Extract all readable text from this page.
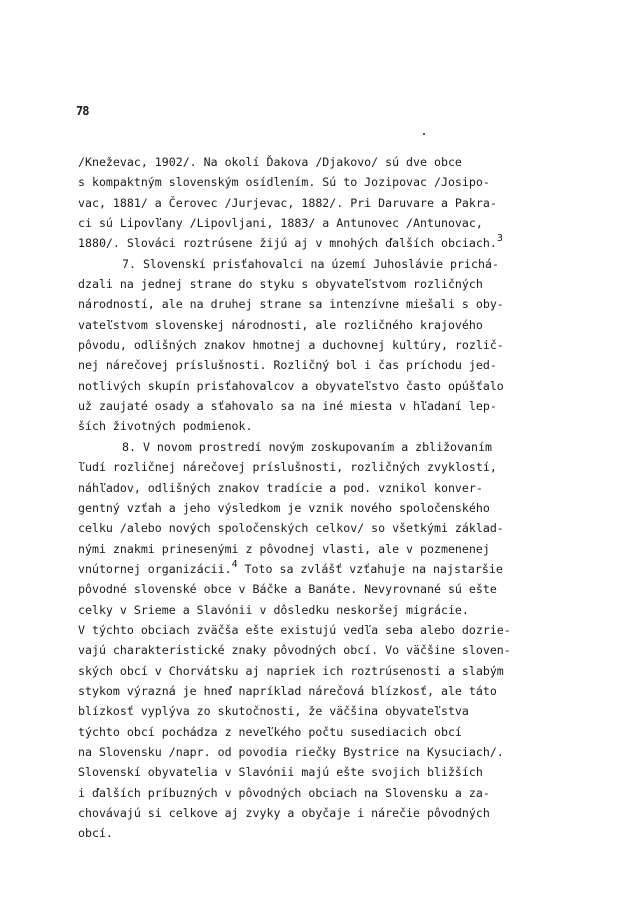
78
/Kneževac, 1902/. Na okolí Ďakova /Djakovo/ sú dve obce
s kompaktným slovenským osídlením. Sú to Jozipovac /Josipo-
vac, 1881/ a Čerovec /Jurjevac, 1882/. Pri Daruvare a Pakra-
ci sú Lipovľany /Lipovljani, 1883/ a Antunovec /Antunovac,
1880/. Slováci roztrúsene žijú aj v mnohých ďalších obciach.3
7. Slovenskí prisťahovalci na území Juhoslávie prichá-
dzali na jednej strane do styku s obyvateľstvom rozličných
národností, ale na druhej strane sa intenzívne miešali s oby-
vateľstvom slovenskej národnosti, ale rozličného krajového
pôvodu, odlišných znakov hmotnej a duchovnej kultúry, rozlič-
nej nárečovej príslušnosti. Rozličný bol i čas príchodu jed-
notlivých skupín prisťahovalcov a obyvateľstvo často opúšťalo
už zaujaté osady a sťahovalo sa na iné miesta v hľadaní lep-
ších životných podmienok.
8. V novom prostredí novým zoskupovaním a zbližovaním
ľudí rozličnej nárečovej príslušnosti, rozličných zvyklostí,
náhľadov, odlišných znakov tradície a pod. vznikol konver-
gentný vzťah a jeho výsledkom je vznik nového spoločenského
celku /alebo nových spoločenských celkov/ so všetkými základ-
nými znakmi prinesenými z pôvodnej vlasti, ale v pozmenenej
vnútornej organizácii.4 Toto sa zvlášť vzťahuje na najstaršie
pôvodné slovenské obce v Báčke a Banáte. Nevyrovnané sú ešte
celky v Srieme a Slavónii v dôsledku neskoršej migrácie.
V týchto obciach zväčša ešte existujú vedľa seba alebo dozrie-
vajú charakteristické znaky pôvodných obcí. Vo väčšine sloven-
ských obcí v Chorvátsku aj napriek ich roztrúsenosti a slabým
stykom výrazná je hneď napríklad nárečová blízkosť, ale táto
blízkosť vyplýva zo skutočnosti, že väčšina obyvateľstva
týchto obcí pochádza z neveľkého počtu susediacich obcí
na Slovensku /napr. od povodia riečky Bystrice na Kysuciach/.
Slovenskí obyvatelia v Slavónii majú ešte svojich bližších
i ďalších príbuzných v pôvodných obciach na Slovensku a za-
chovávajú si celkove aj zvyky a obyčaje i nárečie pôvodných
obcí.
